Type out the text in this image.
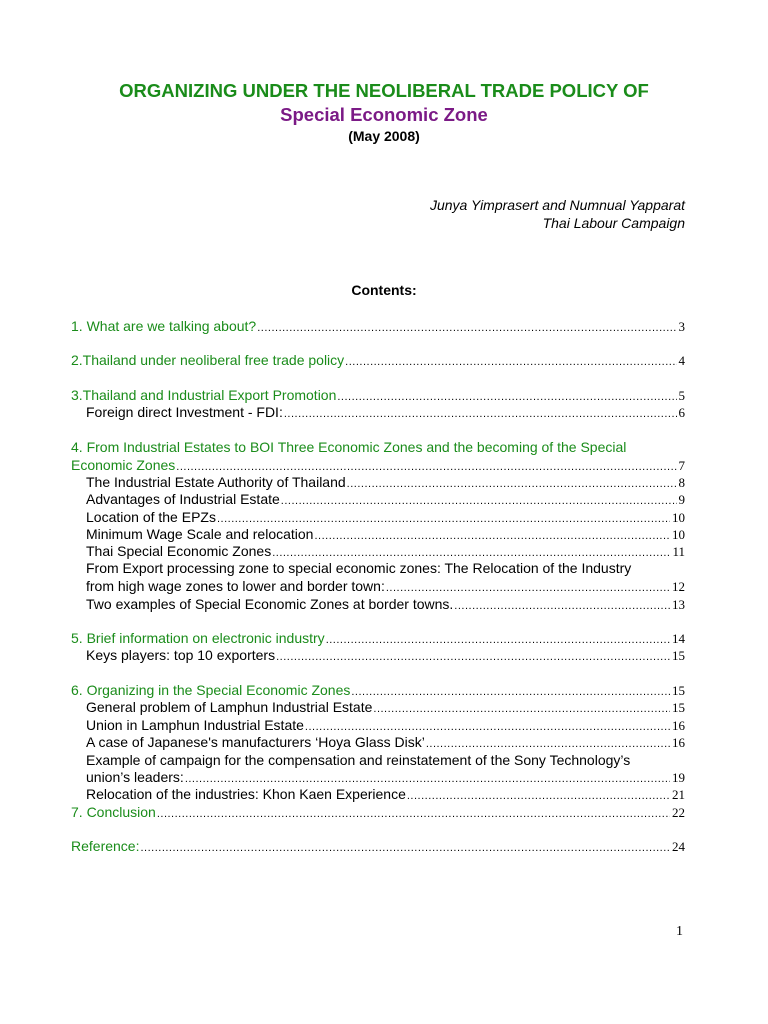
ORGANIZING UNDER THE NEOLIBERAL TRADE POLICY OF
Special Economic Zone
(May 2008)
Junya Yimprasert and Numnual Yapparat
Thai Labour Campaign
Contents:
1. What are we talking about? .....	3
2.Thailand under neoliberal free trade policy .....	4
3.Thailand and Industrial Export Promotion .....	5
Foreign direct Investment - FDI: .....	6
4. From Industrial Estates to BOI Three Economic Zones and the becoming of the Special
Economic Zones .....	7
The Industrial Estate Authority of Thailand .....	8
Advantages of Industrial Estate .....	9
Location of the EPZs .....	10
Minimum Wage Scale and relocation .....	10
Thai Special Economic Zones .....	11
From Export processing zone to special economic zones: The Relocation of the Industry
from high wage zones to lower and border town: .....	12
Two examples of Special Economic Zones at border towns. .....	13
5. Brief information on electronic industry .....	14
Keys players: top 10 exporters .....	15
6. Organizing in the Special Economic Zones .....	15
General problem of Lamphun Industrial Estate .....	15
Union in Lamphun Industrial Estate .....	16
A case of Japanese's manufacturers ‘Hoya Glass Disk’ .....	16
Example of campaign for the compensation and reinstatement of the Sony Technology’s
union’s leaders: .....	19
Relocation of the industries: Khon Kaen Experience .....	21
7. Conclusion .....	22
Reference: .....	24
1
